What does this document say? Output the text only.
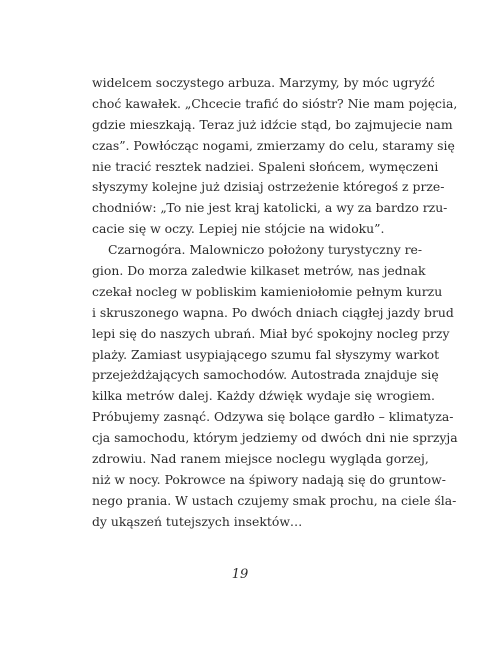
widelcem soczystego arbuza. Marzymy, by móc ugryźć
choć kawałek. „Chcecie trafić do sióstr? Nie mam pojęcia,
gdzie mieszkają. Teraz już idźcie stąd, bo zajmujecie nam
czas”. Powłócząc nogami, zmierzamy do celu, staramy się
nie tracić resztek nadziei. Spaleni słońcem, wymęczeni
słyszymy kolejne już dzisiaj ostrzeżenie któregoś z prze-
chodniów: „To nie jest kraj katolicki, a wy za bardzo rzu-
cacie się w oczy. Lepiej nie stójcie na widoku”.
Czarnogóra. Malowniczo położony turystyczny re-
gion. Do morza zaledwie kilkaset metrów, nas jednak
czekał nocleg w pobliskim kamieniołomie pełnym kurzu
i skruszonego wapna. Po dwóch dniach ciągłej jazdy brud
lepi się do naszych ubrań. Miał być spokojny nocleg przy
plaży. Zamiast usypiającego szumu fal słyszymy warkot
przejeżdżających samochodów. Autostrada znajduje się
kilka metrów dalej. Każdy dźwięk wydaje się wrogiem.
Próbujemy zasnąć. Odzywa się bolące gardło – klimatyza-
cja samochodu, którym jedziemy od dwóch dni nie sprzyja
zdrowiu. Nad ranem miejsce noclegu wygląda gorzej,
niż w nocy. Pokrowce na śpiwory nadają się do gruntow-
nego prania. W ustach czujemy smak prochu, na ciele śla-
dy ukąszeń tutejszych insektów…
19
